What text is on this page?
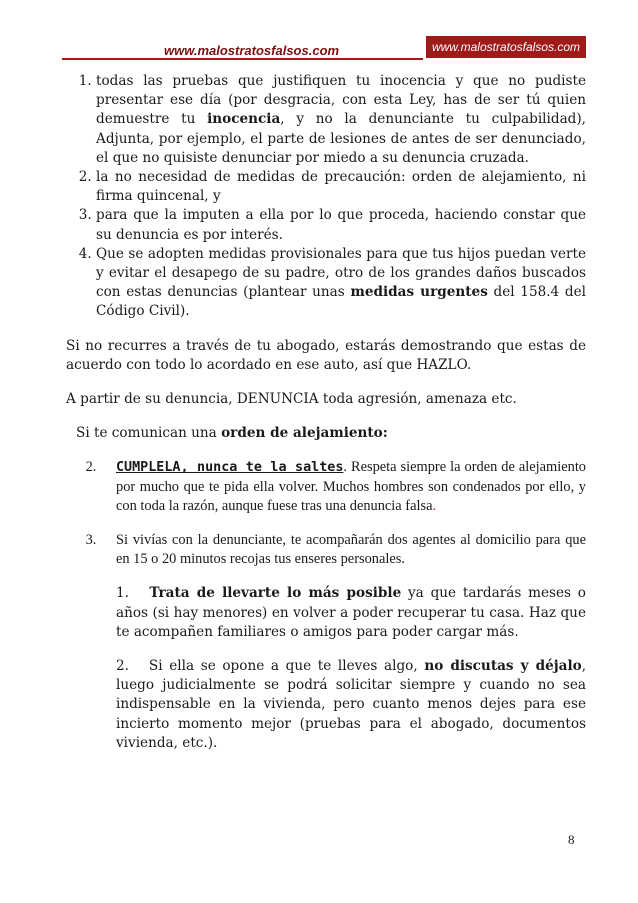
www.malostratosfalsos.com	www.malostratosfalsos.com
1. todas las pruebas que justifiquen tu inocencia y que no pudiste presentar ese día (por desgracia, con esta Ley, has de ser tú quien demuestre tu inocencia, y no la denunciante tu culpabilidad), Adjunta, por ejemplo, el parte de lesiones de antes de ser denunciado, el que no quisiste denunciar por miedo a su denuncia cruzada.
2. la no necesidad de medidas de precaución: orden de alejamiento, ni firma quincenal, y
3. para que la imputen a ella por lo que proceda, haciendo constar que su denuncia es por interés.
4. Que se adopten medidas provisionales para que tus hijos puedan verte y evitar el desapego de su padre, otro de los grandes daños buscados con estas denuncias (plantear unas medidas urgentes del 158.4 del Código Civil).

Si no recurres a través de tu abogado, estarás demostrando que estas de acuerdo con todo lo acordado en ese auto, así que HAZLO.

A partir de su denuncia, DENUNCIA toda agresión, amenaza etc.

Si te comunican una orden de alejamiento:

2.	CUMPLELA, nunca te la saltes. Respeta siempre la orden de alejamiento por mucho que te pida ella volver. Muchos hombres son condenados por ello, y con toda la razón, aunque fuese tras una denuncia falsa.
3.	Si vivías con la denunciante, te acompañarán dos agentes al domicilio para que en 15 o 20 minutos recojas tus enseres personales.

1. Trata de llevarte lo más posible ya que tardarás meses o años (si hay menores) en volver a poder recuperar tu casa. Haz que te acompañen familiares o amigos para poder cargar más.

2. Si ella se opone a que te lleves algo, no discutas y déjalo, luego judicialmente se podrá solicitar siempre y cuando no sea indispensable en la vivienda, pero cuanto menos dejes para ese incierto momento mejor (pruebas para el abogado, documentos vivienda, etc.).

8
